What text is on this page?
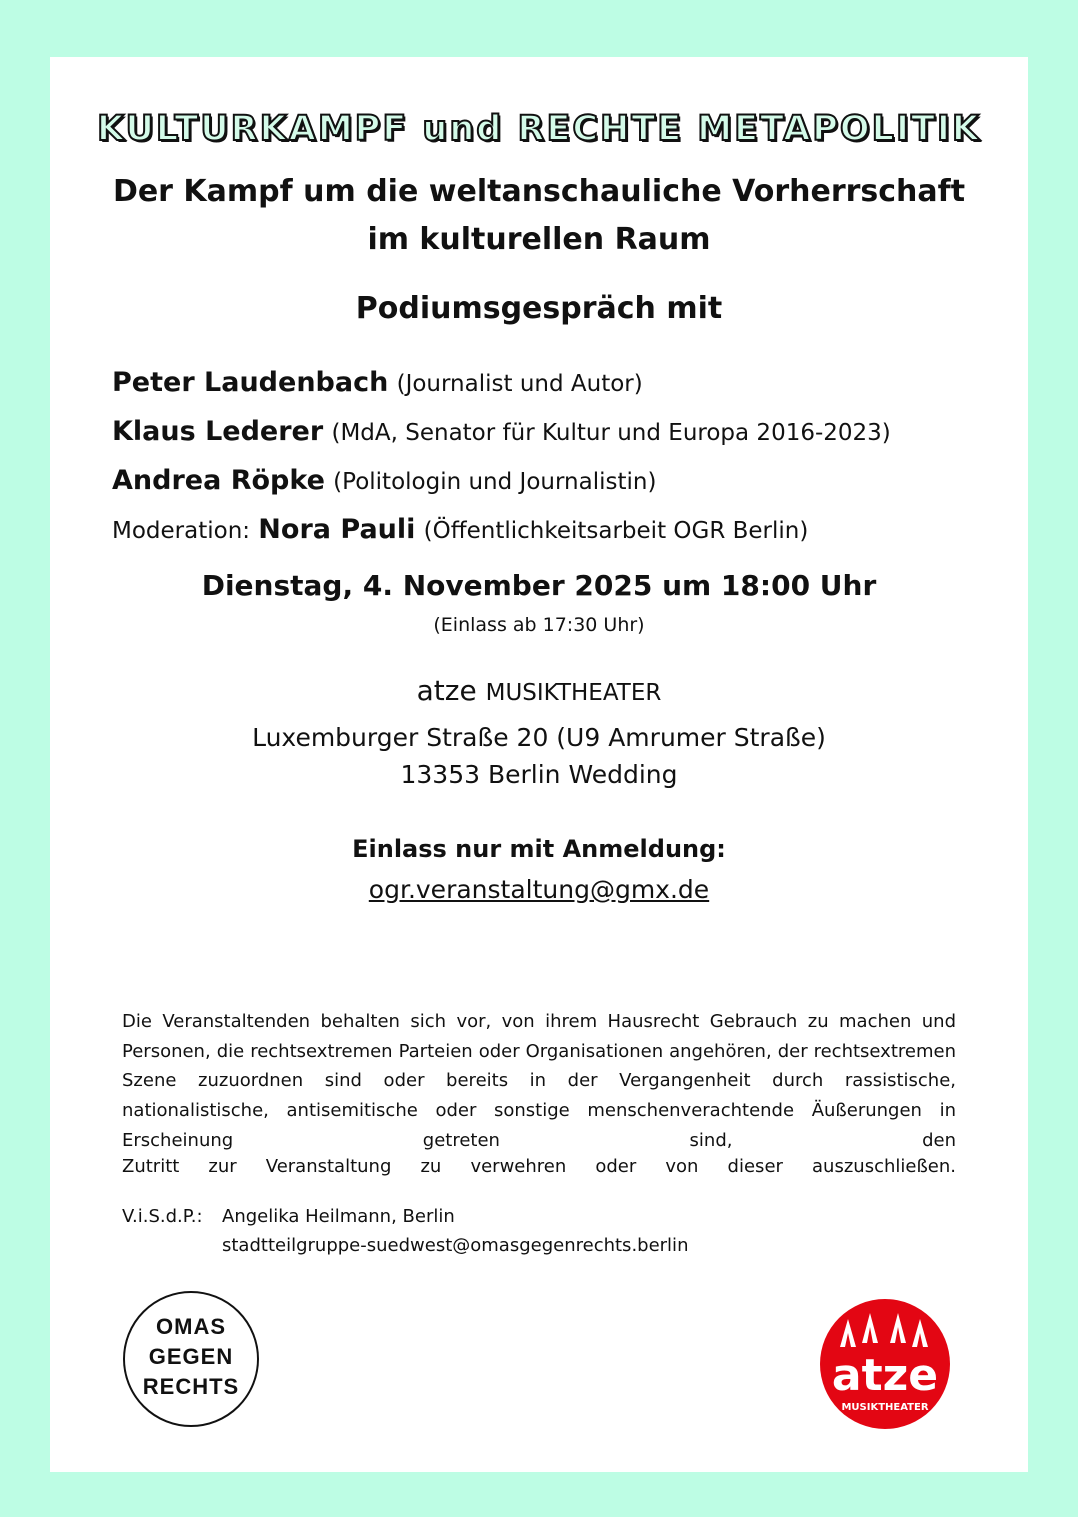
KULTURKAMPF und RECHTE METAPOLITIK
Der Kampf um die weltanschauliche Vorherrschaft
im kulturellen Raum
Podiumsgespräch mit
Peter Laudenbach (Journalist und Autor)
Klaus Lederer (MdA, Senator für Kultur und Europa 2016-2023)
Andrea Röpke (Politologin und Journalistin)
Moderation: Nora Pauli (Öffentlichkeitsarbeit OGR Berlin)
Dienstag, 4. November 2025 um 18:00 Uhr
(Einlass ab 17:30 Uhr)
atze MUSIKTHEATER
Luxemburger Straße 20 (U9 Amrumer Straße)
13353 Berlin Wedding
Einlass nur mit Anmeldung:
ogr.veranstaltung@gmx.de
Die Veranstaltenden behalten sich vor, von ihrem Hausrecht Gebrauch zu machen und Personen, die rechtsextremen Parteien oder Organisationen angehören, der rechtsextremen Szene zuzuordnen sind oder bereits in der Vergangenheit durch rassistische, nationalistische, antisemitische oder sonstige menschenverachtende Äußerungen in Erscheinung getreten sind, den
Zutritt zur Veranstaltung zu verwehren oder von dieser auszuschließen.
V.i.S.d.P.: Angelika Heilmann, Berlin
stadtteilgruppe-suedwest@omasgegenrechts.berlin
OMAS
GEGEN
RECHTS	atze
MUSIKTHEATER
